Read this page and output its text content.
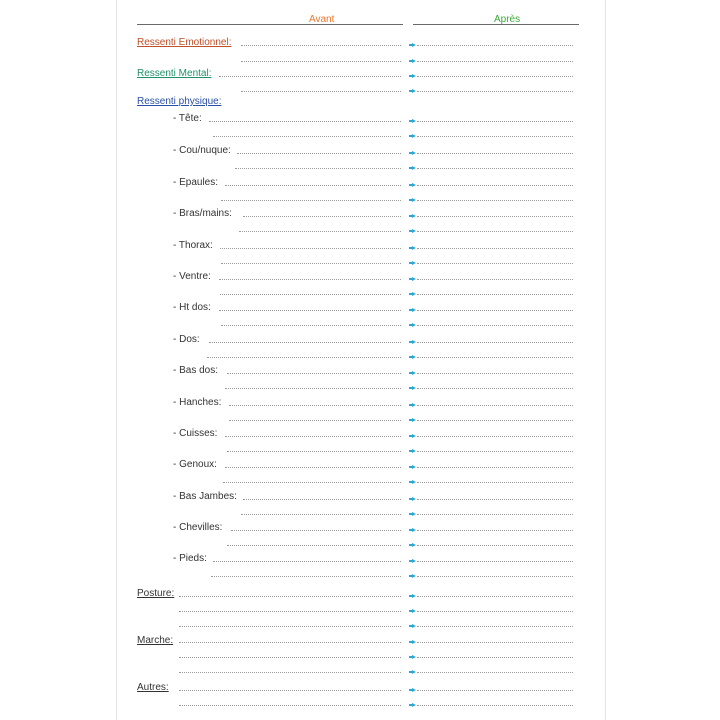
Avant	Après
Ressenti Emotionnel:
Ressenti Mental:
Ressenti physique:
Posture:
Marche:
Autres:
- Tête:
- Cou/nuque:
- Epaules:
- Bras/mains:
- Thorax:
- Ventre:
- Ht dos:
- Dos:
- Bas dos:
- Hanches:
- Cuisses:
- Genoux:
- Bas Jambes:
- Chevilles:
- Pieds:
